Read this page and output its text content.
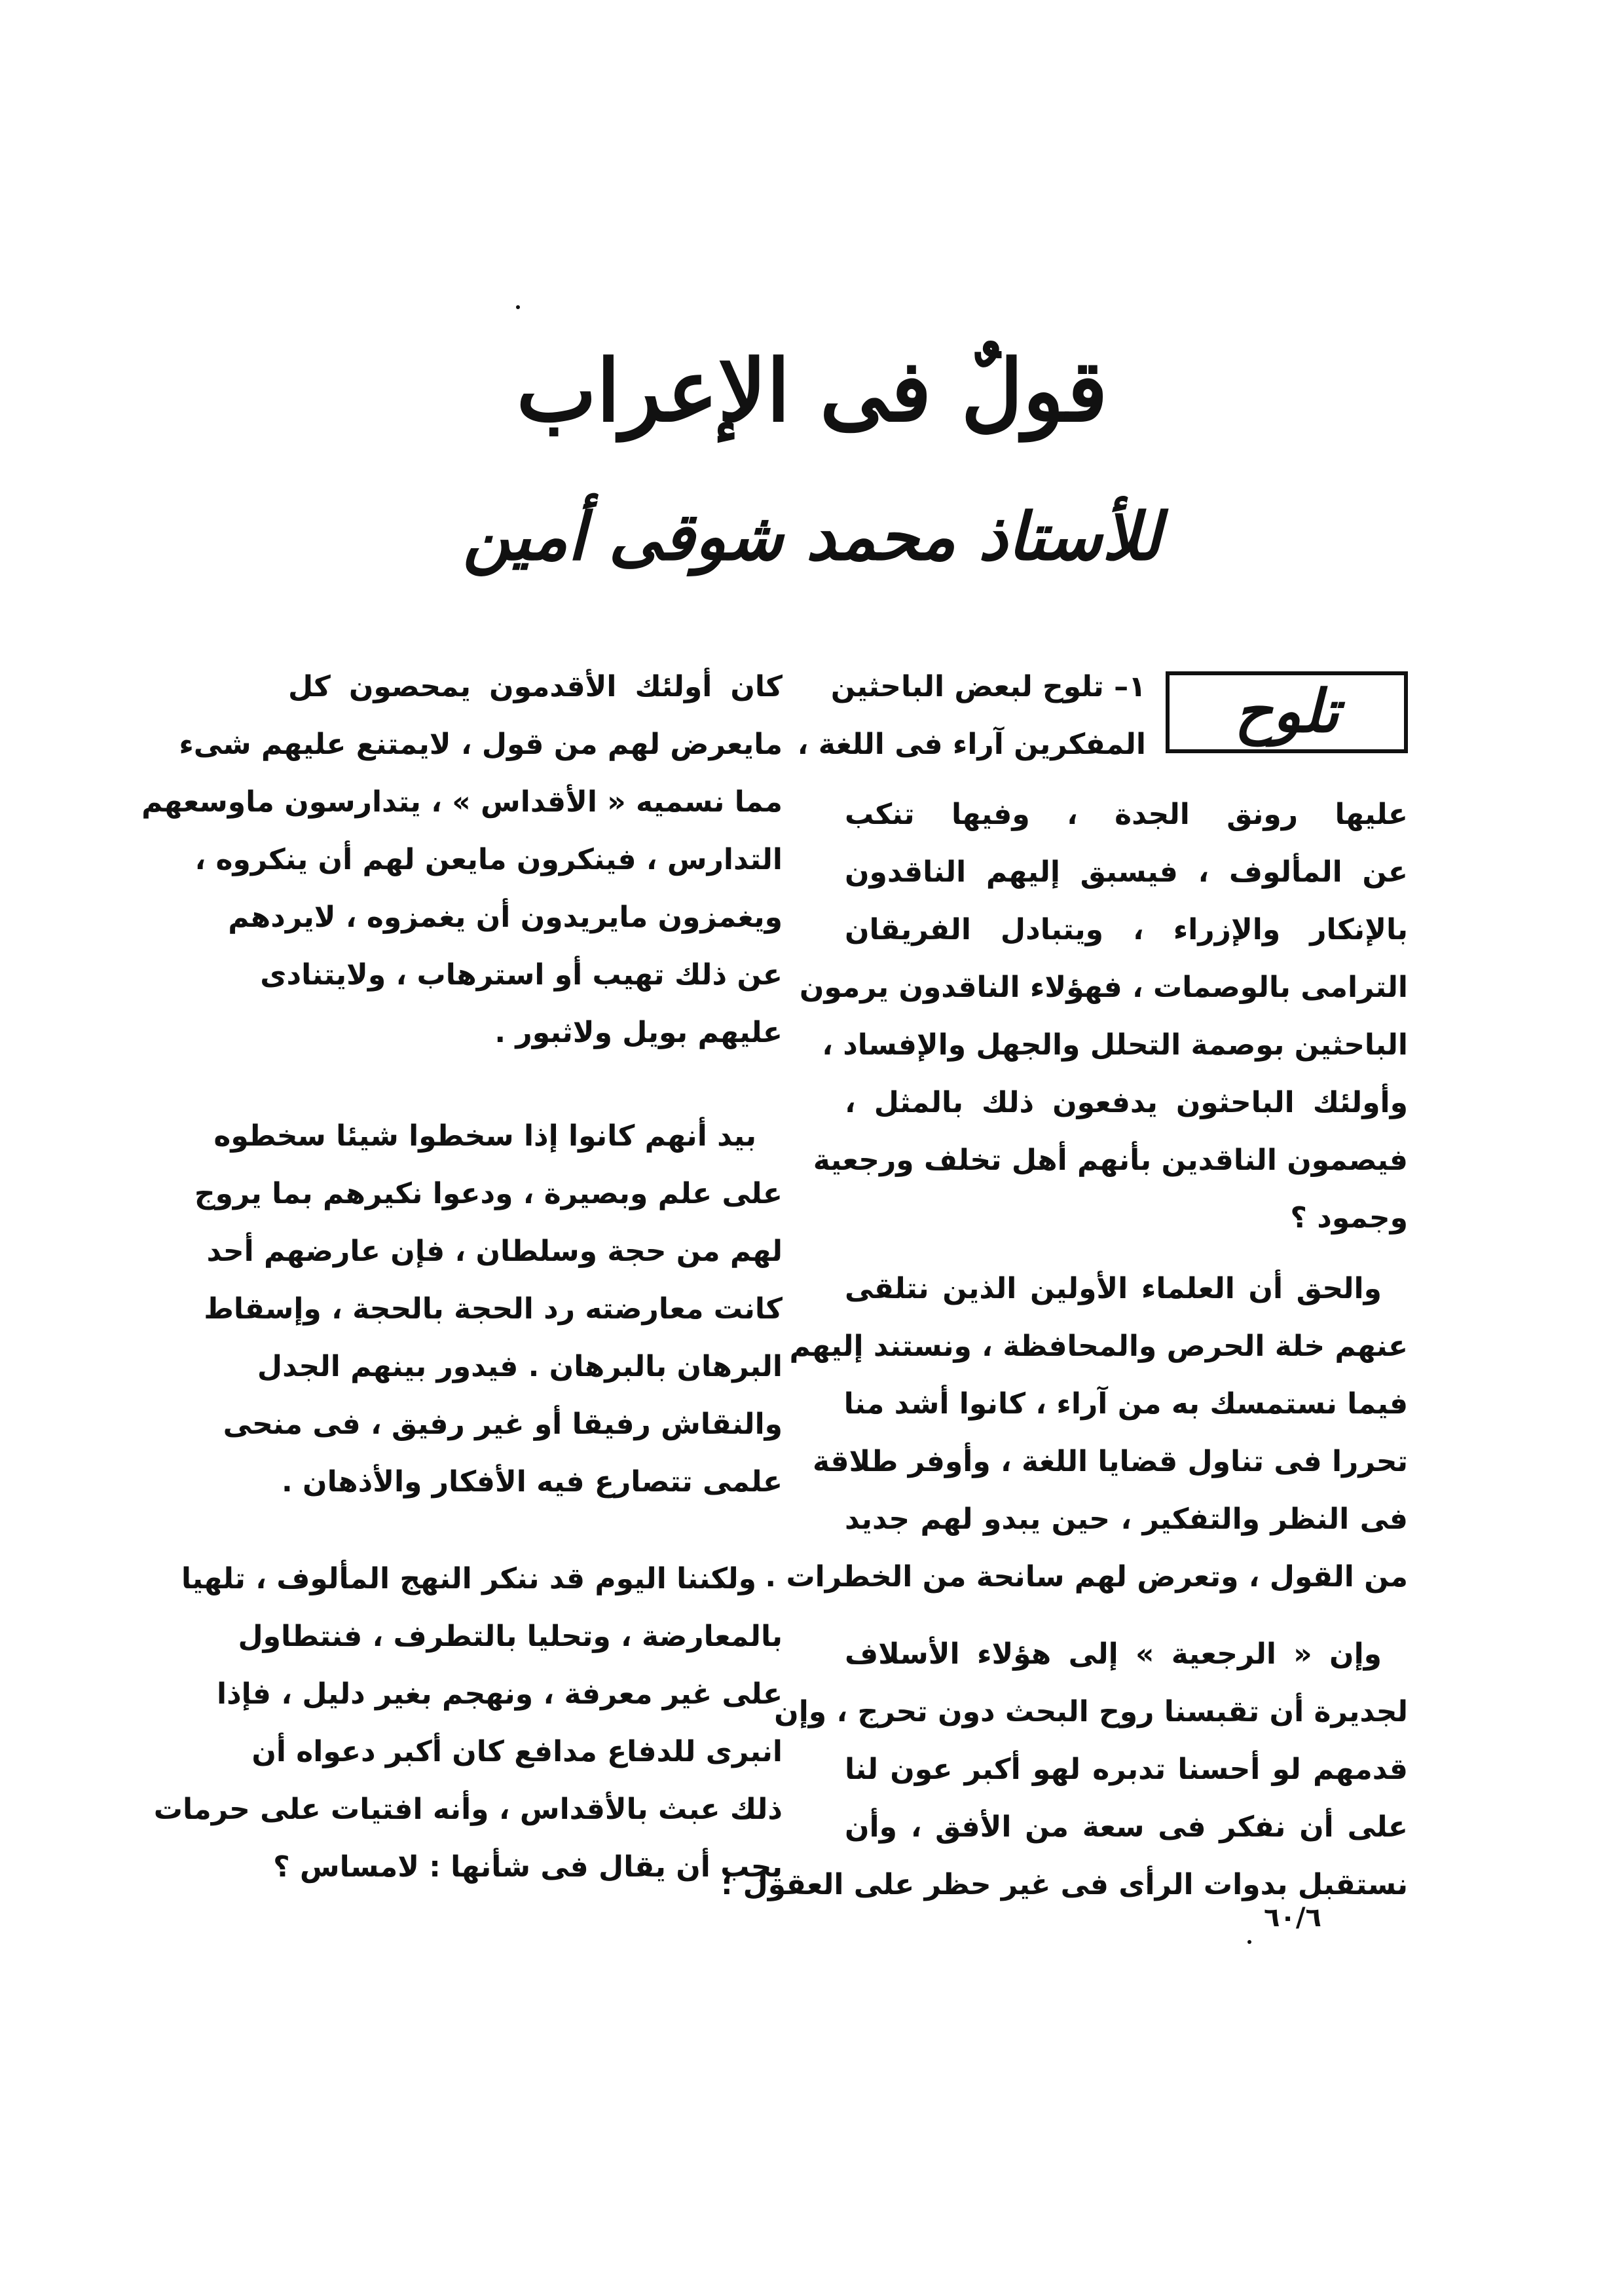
قولٌ فى الإعراب
للأستاذ محمد شوقى أمين
تلوح
١– تلوح لبعض الباحثين
المفكرين آراء فى اللغة ،
عليها رونق الجدة ، وفيها تنكب
عن المألوف ، فيسبق إليهم الناقدون
بالإنكار والإزراء ، ويتبادل الفريقان
الترامى بالوصمات ، فهؤلاء الناقدون يرمون
الباحثين بوصمة التحلل والجهل والإفساد ،
وأولئك الباحثون يدفعون ذلك بالمثل ،
فيصمون الناقدين بأنهم أهل تخلف ورجعية
وجمود ؟
والحق أن العلماء الأولين الذين نتلقى
عنهم خلة الحرص والمحافظة ، ونستند إليهم
فيما نستمسك به من آراء ، كانوا أشد منا
تحررا فى تناول قضايا اللغة ، وأوفر طلاقة
فى النظر والتفكير ، حين يبدو لهم جديد
من القول ، وتعرض لهم سانحة من الخطرات .
وإن « الرجعية » إلى هؤلاء الأسلاف
لجديرة أن تقبسنا روح البحث دون تحرج ، وإن
قدمهم لو أحسنا تدبره لهو أكبر عون لنا
على أن نفكر فى سعة من الأفق ، وأن
نستقبل بدوات الرأى فى غير حظر على العقول ؛
كان أولئك الأقدمون يمحصون كل
مايعرض لهم من قول ، لايمتنع عليهم شىء
مما نسميه « الأقداس » ، يتدارسون ماوسعهم
التدارس ، فينكرون مايعن لهم أن ينكروه ،
ويغمزون مايريدون أن يغمزوه ، لايردهم
عن ذلك تهيب أو استرهاب ، ولايتنادى
عليهم بويل ولاثبور .
بيد أنهم كانوا إذا سخطوا شيئا سخطوه
على علم وبصيرة ، ودعوا نكيرهم بما يروج
لهم من حجة وسلطان ، فإن عارضهم أحد
كانت معارضته رد الحجة بالحجة ، وإسقاط
البرهان بالبرهان . فيدور بينهم الجدل
والنقاش رفيقا أو غير رفيق ، فى منحى
علمى تتصارع فيه الأفكار والأذهان .
ولكننا اليوم قد ننكر النهج المألوف ، تلهيا
بالمعارضة ، وتحليا بالتطرف ، فنتطاول
على غير معرفة ، ونهجم بغير دليل ، فإذا
انبرى للدفاع مدافع كان أكبر دعواه أن
ذلك عبث بالأقداس ، وأنه افتيات على حرمات
يجب أن يقال فى شأنها : لامساس ؟
٦٠/٦
